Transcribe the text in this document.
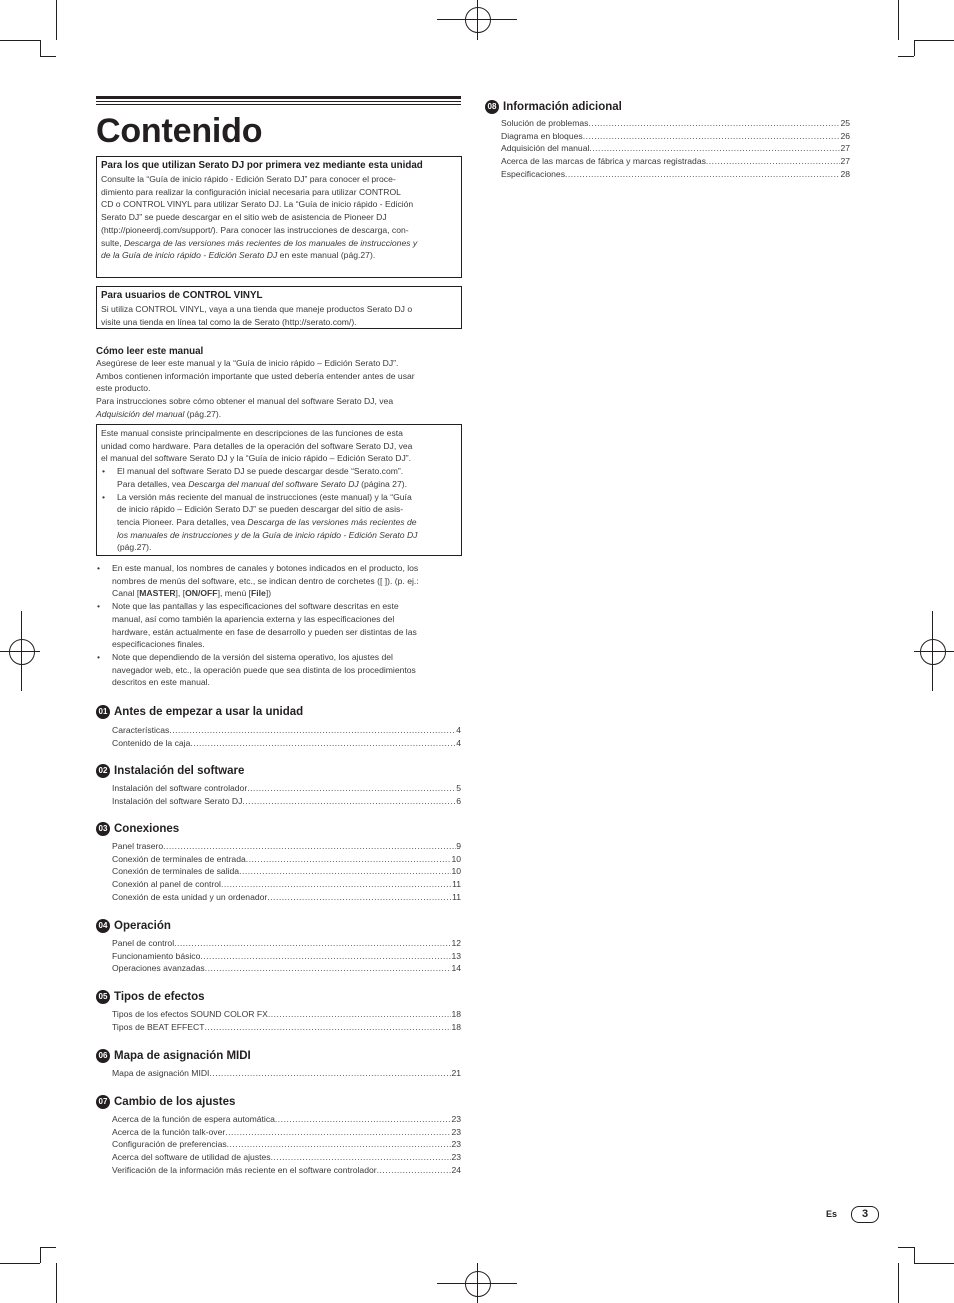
Contenido
Para los que utilizan Serato DJ por primera vez mediante esta unidad
Consulte la “Guía de inicio rápido - Edición Serato DJ” para conocer el proce-
dimiento para realizar la configuración inicial necesaria para utilizar CONTROL
CD o CONTROL VINYL para utilizar Serato DJ. La “Guía de inicio rápido - Edición
Serato DJ” se puede descargar en el sitio web de asistencia de Pioneer DJ
(http://pioneerdj.com/support/). Para conocer las instrucciones de descarga, con-
sulte, Descarga de las versiones más recientes de los manuales de instrucciones y
de la Guía de inicio rápido - Edición Serato DJ en este manual (pág.27).
Para usuarios de CONTROL VINYL
Si utiliza CONTROL VINYL, vaya a una tienda que maneje productos Serato DJ o
visite una tienda en línea tal como la de Serato (http://serato.com/).
Cómo leer este manual
Asegúrese de leer este manual y la “Guía de inicio rápido – Edición Serato DJ”.
Ambos contienen información importante que usted debería entender antes de usar
este producto.
Para instrucciones sobre cómo obtener el manual del software Serato DJ, vea
Adquisición del manual (pág.27).
Este manual consiste principalmente en descripciones de las funciones de esta
unidad como hardware. Para detalles de la operación del software Serato DJ, vea
el manual del software Serato DJ y la “Guía de inicio rápido – Edición Serato DJ”.
• El manual del software Serato DJ se puede descargar desde “Serato.com”.
Para detalles, vea Descarga del manual del software Serato DJ (página 27).
• La versión más reciente del manual de instrucciones (este manual) y la “Guía
de inicio rápido – Edición Serato DJ” se pueden descargar del sitio de asis-
tencia Pioneer. Para detalles, vea Descarga de las versiones más recientes de
los manuales de instrucciones y de la Guía de inicio rápido - Edición Serato DJ
(pág.27).
• En este manual, los nombres de canales y botones indicados en el producto, los
nombres de menús del software, etc., se indican dentro de corchetes ([ ]). (p. ej.:
Canal [MASTER], [ON/OFF], menú [File])
• Note que las pantallas y las especificaciones del software descritas en este
manual, así como también la apariencia externa y las especificaciones del
hardware, están actualmente en fase de desarrollo y pueden ser distintas de las
especificaciones finales.
• Note que dependiendo de la versión del sistema operativo, los ajustes del
navegador web, etc., la operación puede que sea distinta de los procedimientos
descritos en este manual.
01 Antes de empezar a usar la unidad
Características .....	4
Contenido de la caja .....	4
02 Instalación del software
Instalación del software controlador .....	5
Instalación del software Serato DJ .....	6
03 Conexiones
Panel trasero .....	9
Conexión de terminales de entrada .....	10
Conexión de terminales de salida .....	10
Conexión al panel de control .....	11
Conexión de esta unidad y un ordenador .....	11
04 Operación
Panel de control .....	12
Funcionamiento básico .....	13
Operaciones avanzadas .....	14
05 Tipos de efectos
Tipos de los efectos SOUND COLOR FX .....	18
Tipos de BEAT EFFECT .....	18
06 Mapa de asignación MIDI
Mapa de asignación MIDI .....	21
07 Cambio de los ajustes
Acerca de la función de espera automática .....	23
Acerca de la función talk-over .....	23
Configuración de preferencias .....	23
Acerca del software de utilidad de ajustes .....	23
Verificación de la información más reciente en el software controlador .....	24
08 Información adicional
Solución de problemas .....	25
Diagrama en bloques .....	26
Adquisición del manual .....	27
Acerca de las marcas de fábrica y marcas registradas .....	27
Especificaciones .....	28
Es	3
